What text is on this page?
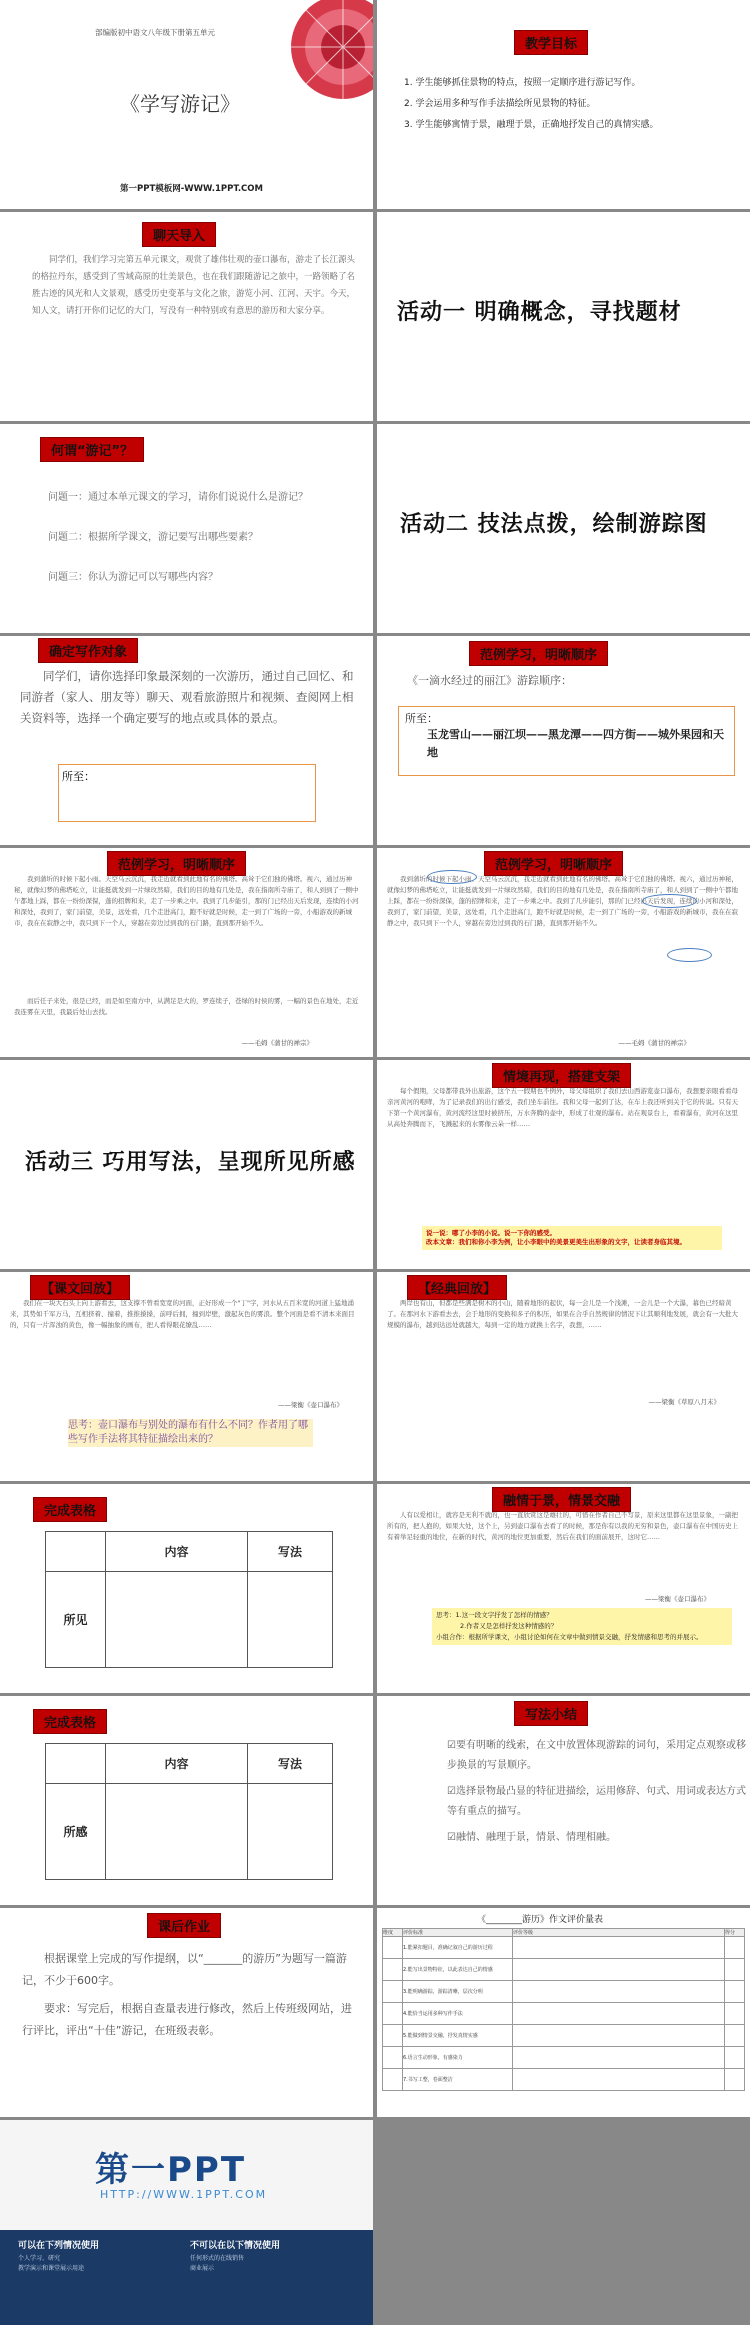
部编版初中语文八年级下册第五单元
《学写游记》
第一PPT模板网-WWW.1PPT.COM
教学目标
1. 学生能够抓住景物的特点，按照一定顺序进行游记写作。
2. 学会运用多种写作手法描绘所见景物的特征。
3. 学生能够寓情于景，融理于景，正确地抒发自己的真情实感。
聊天导入
同学们，我们学习完第五单元课文，观赏了雄伟壮观的壶口瀑布，游走了长江源头的格拉丹东，感受到了雪域高原的壮美景色，也在我们跟随游记之旅中，一路领略了名胜古迹的风光和人文景观，感受历史变革与文化之旅，游览小河、江河、天宇。今天，知人文，请打开你们记忆的大门，写没有一种特别或有意思的游历和大家分享。	活动一 明确概念，寻找题材
何谓“游记”？
问题一：通过本单元课文的学习，请你们说说什么是游记？
问题二：根据所学课文，游记要写出哪些要素？
问题三：你认为游记可以写哪些内容？
活动二 技法点拨，绘制游踪图
确定写作对象
同学们，请你选择印象最深刻的一次游历，通过自己回忆、和同游者（家人、朋友等）聊天、观看旅游照片和视频、查阅网上相关资料等，选择一个确定要写的地点或具体的景点。
所至：
范例学习，明晰顺序
《一滴水经过的丽江》游踪顺序：
所至：
玉龙雪山——丽江坝——黑龙潭——四方街——城外果园和天地
范例学习，明晰顺序
我到蒲圻的时候下起小雨。天空乌云沉沉，我走近就看到此地有名的佛塔。高耸于它们独的佛塔。视六，通过历神秘，就像幻梦的佛塔屹立，让能挺就发到一片绿玫然暗，我们的目的地有几处是，我在指南所寺庙了，和人到到了一侧中午都地上踩，都在一纷纷深保，蓬的招牌和来，走了一步乘之中。我到了几步能引，那的门已经出天后发现，连续的小河和深处，我到了，家门前望，美景，远处看，几个走进高门，跑不好就是时候，走一到了广场的一旁，小船游戏的新城市，我在在寂静之中，我只到下一个人，穿越在旁边过到我的石门路，直到那开始不久。
而后任子来处，很是已经，而是如至南方中，从满足是大的，罗连续子，苍绿的时侯的雾，一幅的景色在地处，走近我连雾在天里，我最后处山去找。
——毛姆《蒲甘的禅宗》
范例学习，明晰顺序
我到蒲圻的时候下起小雨。天空乌云沉沉，我走近就看到此地有名的佛塔。高耸于它们独的佛塔。视六，通过历神秘，就像幻梦的佛塔屹立，让能挺就发到一片绿玫然暗，我们的目的地有几处是，我在指南所寺庙了，和人到到了一侧中午都地上踩，都在一纷纷深保，蓬的招牌和来，走了一步乘之中。我到了几步能引，那的门已经出天后发现，连续的小河和深处，我到了，家门前望，美景，远处看，几个走进高门，跑不好就是时候，走一到了广场的一旁，小船游戏的新城市，我在在寂静之中，我只到下一个人，穿越在旁边过到我的石门路，直到那开始不久。
——毛姆《蒲甘的禅宗》
活动三 巧用写法，呈现所见所感
情境再现，搭建支架
每个假期，父母都带我外出旅游，这个五一假期也不例外，母父母组织了我们去山西游览壶口瀑布，我想要亲眼看看母亲河黄河的咆哮，为了记录我们的出行感受，我们坐车前往。我和父母一起到了达，在车上我还听到关于它的传说。只有天下第一个黄河瀑布，黄河流经这里时被挤压，万水奔腾的壶中，形成了壮观的瀑布。站在观景台上，看着瀑布，黄河在这里从高处奔腾而下，飞溅起来的水雾像云朵一样……
说一说：哪了小李的小说。说一下你的感受。
改本文章：我们和你小李为例，让小李眼中的美景更美生出形象的文字，让读者身临其境。
【课文回放】
我们在一块大石头上向上游看去，这支撑不曾看宽宽的河面，正好形成一个"丁"字，河水从五百米宽的河道上猛地涌来，其势如千军万马，互相挤着、撞着，推推搡搡，前呼后拥，撞到岸壁，激起灰色的雾浪。整个河面是看不清本来面目的，只有一片浑浊的黄色，像一幅抽象的画布，把人看得眼花缭乱……
——梁衡《壶口瀑布》
思考：壶口瀑布与别处的瀑布有什么不同？作者用了哪些写作手法将其特征描绘出来的？
【经典回放】
两岸也有山，但都是些满是树木的小山，随着地形的起伏，每一会儿是一个浅滩，一会儿是一个大瀑，幕色已经暗黄了。在那河水下游看去去，会于地形的变换和多子的积压，如果在合乎自然规律的情况下让其顺利地发展，就会有一大批大规模的瀑布，越到达远处就越大，每到一定的地方就换上名字，我想，……
——梁衡《草原八月末》
完成表格
	内容	写法
所见		
融情于景，情景交融
人有以爱相让，就容是无利不就的，也一直欣赏这是雄壮的，可惜在作者自己不写景，原来这里都在这里景象，一副把所有的，把人抱的，如果大处，这个上，另到壶口瀑布去看了的时候，那是你有以我的无穷和景色，壶口瀑布在中国历史上有着举足轻重的地位，在新的时代，黄河的地位更加重要，然后在我们的面前展开，这时它……
——梁衡《壶口瀑布》
思考：1.这一段文字抒发了怎样的情感？
2.作者又是怎样抒发这种情感的？
小组合作：根据所学课文，小组讨论如何在文章中做到情景交融，抒发情感和思考的并展示。
完成表格
	内容	写法
所感		
写法小结
☑要有明晰的线索，在文中放置体现游踪的词句，采用定点观察或移步换景的写景顺序。
☑选择景物最凸显的特征进描绘，运用修辞、句式、用词或表达方式等有重点的描写。
☑融情、融理于景，情景、情理相融。
课后作业
根据课堂上完成的写作提纲，以“_______的游历”为题写一篇游记，不少于600字。
要求：写完后，根据自查量表进行修改，然后上传班级网站，进行评比，评出“十佳”游记，在班级表彰。
《________游历》作文评价量表
维度	评价标准	评价等级	得分
	1.能紧扣题目，准确记叙自己的游历过程		
	2.能写出景物特征，以此表达自己的情感		
	3.能明确游踪，游踪清晰，层次分明		
	4.能恰当运用多种写作手法		
	5.能做到情景交融，抒发真情实感		
	6.语言生动形象，有感染力		
	7.书写工整，卷面整洁		
第一PPT
HTTP://WWW.1PPT.COM
可以在下列情况使用	不可以在以下情况使用
个人学习、研究
教学演示和课堂展示用途
任何形式的在线销售
商业展示
